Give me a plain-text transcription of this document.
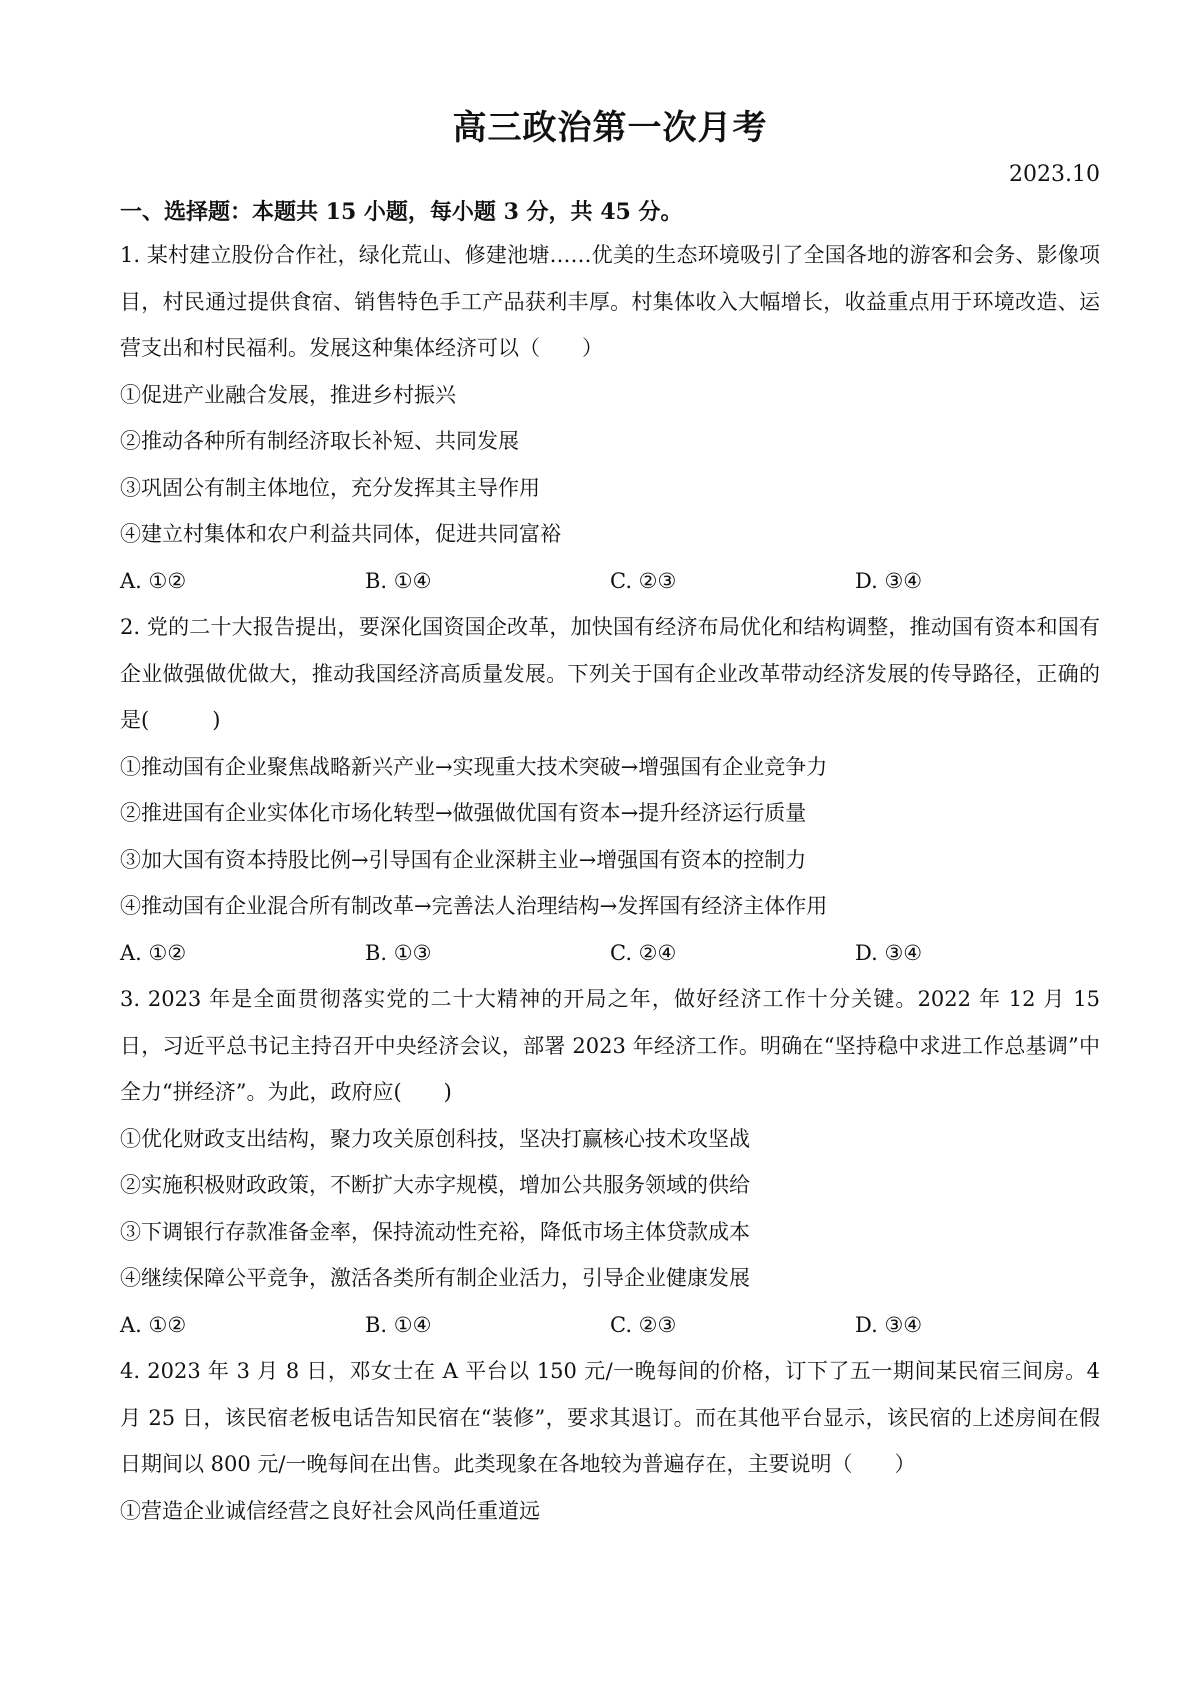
高三政治第一次月考
2023.10
一、选择题：本题共 15 小题，每小题 3 分，共 45 分。

1. 某村建立股份合作社，绿化荒山、修建池塘……优美的生态环境吸引了全国各地的游客和会务、影像项目，村民通过提供食宿、销售特色手工产品获利丰厚。村集体收入大幅增长，收益重点用于环境改造、运营支出和村民福利。发展这种集体经济可以（　　）

①促进产业融合发展，推进乡村振兴
②推动各种所有制经济取长补短、共同发展
③巩固公有制主体地位，充分发挥其主导作用
④建立村集体和农户利益共同体，促进共同富裕
A. ①②	B. ①④	C. ②③	D. ③④

2. 党的二十大报告提出，要深化国资国企改革，加快国有经济布局优化和结构调整，推动国有资本和国有企业做强做优做大，推动我国经济高质量发展。下列关于国有企业改革带动经济发展的传导路径，正确的是(　　　)

①推动国有企业聚焦战略新兴产业→实现重大技术突破→增强国有企业竞争力
②推进国有企业实体化市场化转型→做强做优国有资本→提升经济运行质量
③加大国有资本持股比例→引导国有企业深耕主业→增强国有资本的控制力
④推动国有企业混合所有制改革→完善法人治理结构→发挥国有经济主体作用
A. ①②	B. ①③	C. ②④	D. ③④

3. 2023 年是全面贯彻落实党的二十大精神的开局之年，做好经济工作十分关键。2022 年 12 月 15 日，习近平总书记主持召开中央经济会议，部署 2023 年经济工作。明确在“坚持稳中求进工作总基调”中全力“拼经济”。为此，政府应(　　)

①优化财政支出结构，聚力攻关原创科技，坚决打赢核心技术攻坚战
②实施积极财政政策，不断扩大赤字规模，增加公共服务领域的供给
③下调银行存款准备金率，保持流动性充裕，降低市场主体贷款成本
④继续保障公平竞争，激活各类所有制企业活力，引导企业健康发展
A. ①②	B. ①④	C. ②③	D. ③④

4. 2023 年 3 月 8 日，邓女士在 A 平台以 150 元/一晚每间的价格，订下了五一期间某民宿三间房。4 月 25 日，该民宿老板电话告知民宿在“装修”，要求其退订。而在其他平台显示，该民宿的上述房间在假日期间以 800 元/一晚每间在出售。此类现象在各地较为普遍存在，主要说明（　　）

①营造企业诚信经营之良好社会风尚任重道远
